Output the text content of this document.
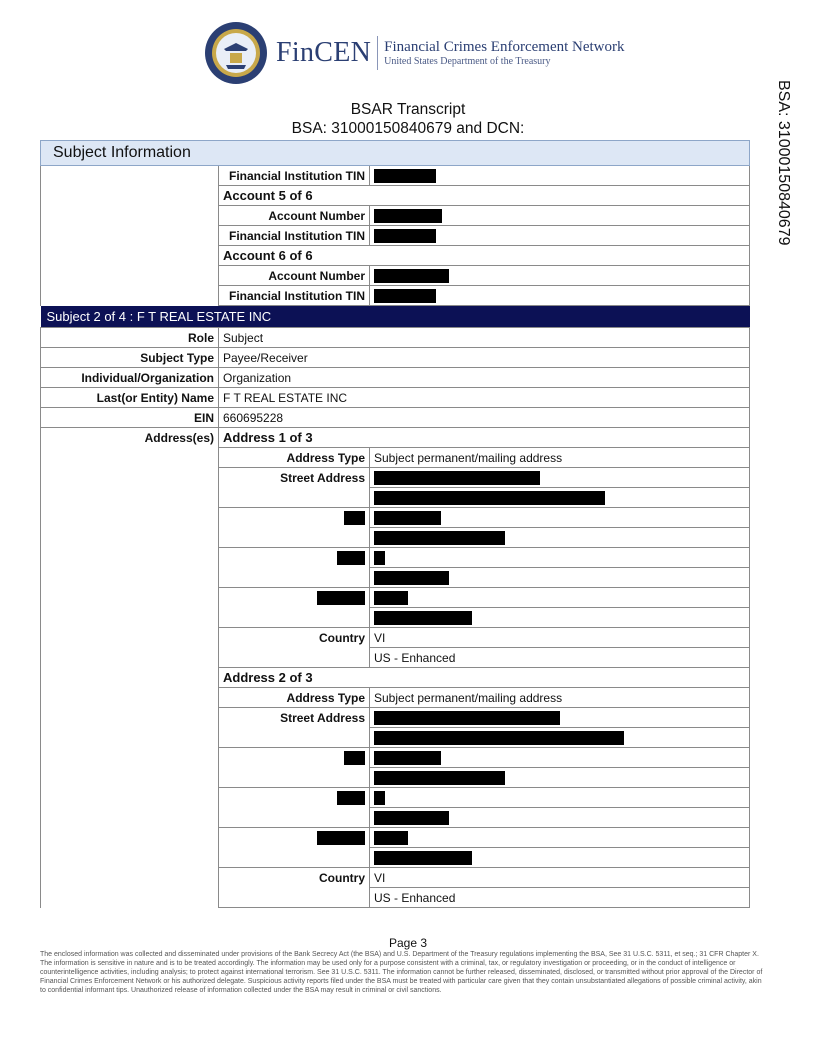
FinCEN Financial Crimes Enforcement Network
United States Department of the Treasury
BSA: 31000150840679
BSAR Transcript
BSA: 31000150840679 and DCN:
Subject Information		
	Financial Institution TIN	
	Account 5 of 6	
	Account Number	
	Financial Institution TIN	
	Account 6 of 6	
	Account Number	
	Financial Institution TIN	
Subject 2 of 4 : F T REAL ESTATE INC		
Role	Subject	
Subject Type	Payee/Receiver	
Individual/Organization	Organization	
Last(or Entity) Name	F T REAL ESTATE INC	
EIN	660695228	
Address(es)	Address 1 of 3	
	Address Type	Subject permanent/mailing address
	Street Address	

	Country	VI
		US - Enhanced
	Address 2 of 3	
	Address Type	Subject permanent/mailing address
	Street Address	

	Country	VI
		US - Enhanced
Page 3
The enclosed information was collected and disseminated under provisions of the Bank Secrecy Act (the BSA) and U.S. Department of the Treasury regulations implementing the BSA, See 31 U.S.C. 5311, et seq.; 31 CFR Chapter X. The information is sensitive in nature and is to be treated accordingly. The information may be used only for a purpose consistent with a criminal, tax, or regulatory investigation or proceeding, or in the conduct of intelligence or counterintelligence activities, including analysis; to protect against international terrorism. See 31 U.S.C. 5311. The information cannot be further released, disseminated, disclosed, or transmitted without prior approval of the Director of Financial Crimes Enforcement Network or his authorized delegate. Suspicious activity reports filed under the BSA must be treated with particular care given that they contain unsubstantiated allegations of possible criminal activity, akin to confidential informant tips. Unauthorized release of information collected under the BSA may result in criminal or civil sanctions.
